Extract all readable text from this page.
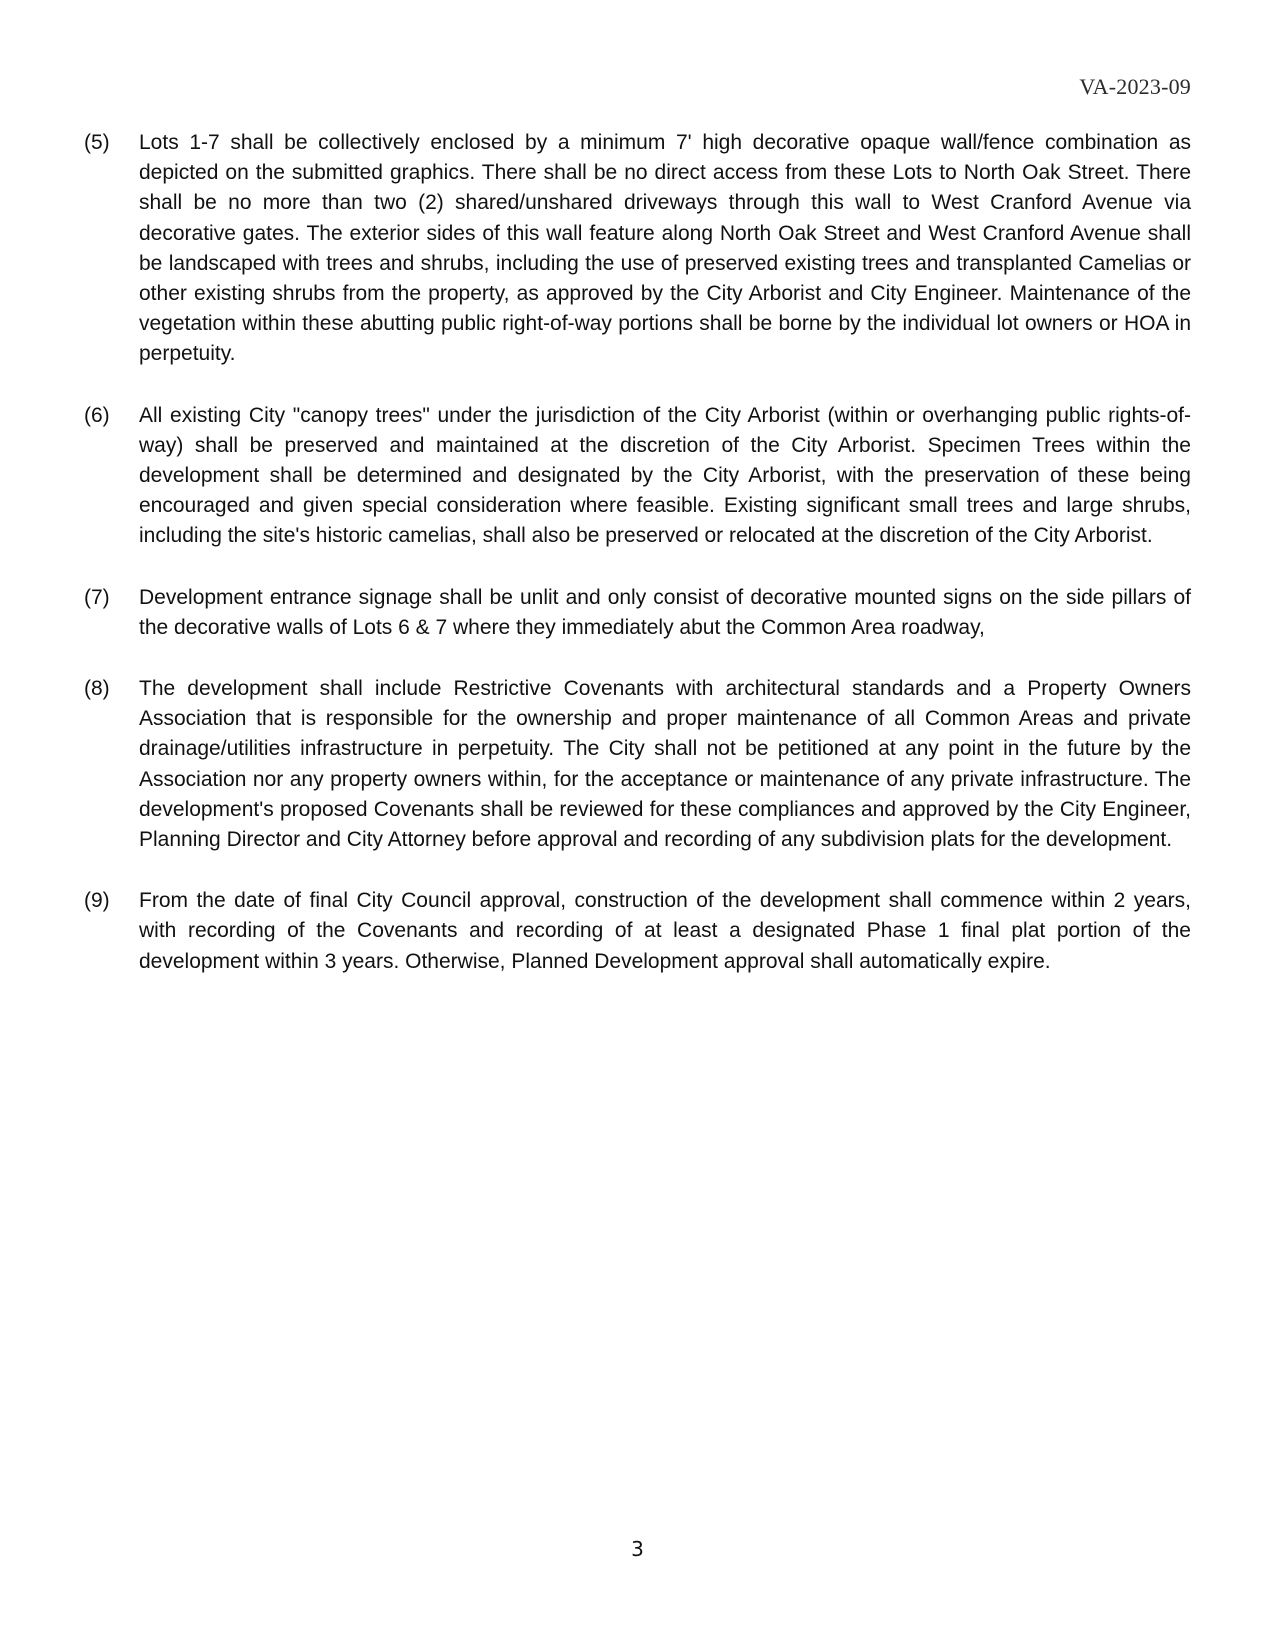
VA-2023-09
(5)	Lots 1-7 shall be collectively enclosed by a minimum 7' high decorative opaque wall/fence combination as depicted on the submitted graphics. There shall be no direct access from these Lots to North Oak Street. There shall be no more than two (2) shared/unshared driveways through this wall to West Cranford Avenue via decorative gates. The exterior sides of this wall feature along North Oak Street and West Cranford Avenue shall be landscaped with trees and shrubs, including the use of preserved existing trees and transplanted Camelias or other existing shrubs from the property, as approved by the City Arborist and City Engineer. Maintenance of the vegetation within these abutting public right-of-way portions shall be borne by the individual lot owners or HOA in perpetuity.

(6)	All existing City "canopy trees" under the jurisdiction of the City Arborist (within or overhanging public rights-of-way) shall be preserved and maintained at the discretion of the City Arborist. Specimen Trees within the development shall be determined and designated by the City Arborist, with the preservation of these being encouraged and given special consideration where feasible. Existing significant small trees and large shrubs, including the site's historic camelias, shall also be preserved or relocated at the discretion of the City Arborist.

(7)	Development entrance signage shall be unlit and only consist of decorative mounted signs on the side pillars of the decorative walls of Lots 6 & 7 where they immediately abut the Common Area roadway,

(8)	The development shall include Restrictive Covenants with architectural standards and a Property Owners Association that is responsible for the ownership and proper maintenance of all Common Areas and private drainage/utilities infrastructure in perpetuity. The City shall not be petitioned at any point in the future by the Association nor any property owners within, for the acceptance or maintenance of any private infrastructure. The development's proposed Covenants shall be reviewed for these compliances and approved by the City Engineer, Planning Director and City Attorney before approval and recording of any subdivision plats for the development.

(9)	From the date of final City Council approval, construction of the development shall commence within 2 years, with recording of the Covenants and recording of at least a designated Phase 1 final plat portion of the development within 3 years. Otherwise, Planned Development approval shall automatically expire.

3
